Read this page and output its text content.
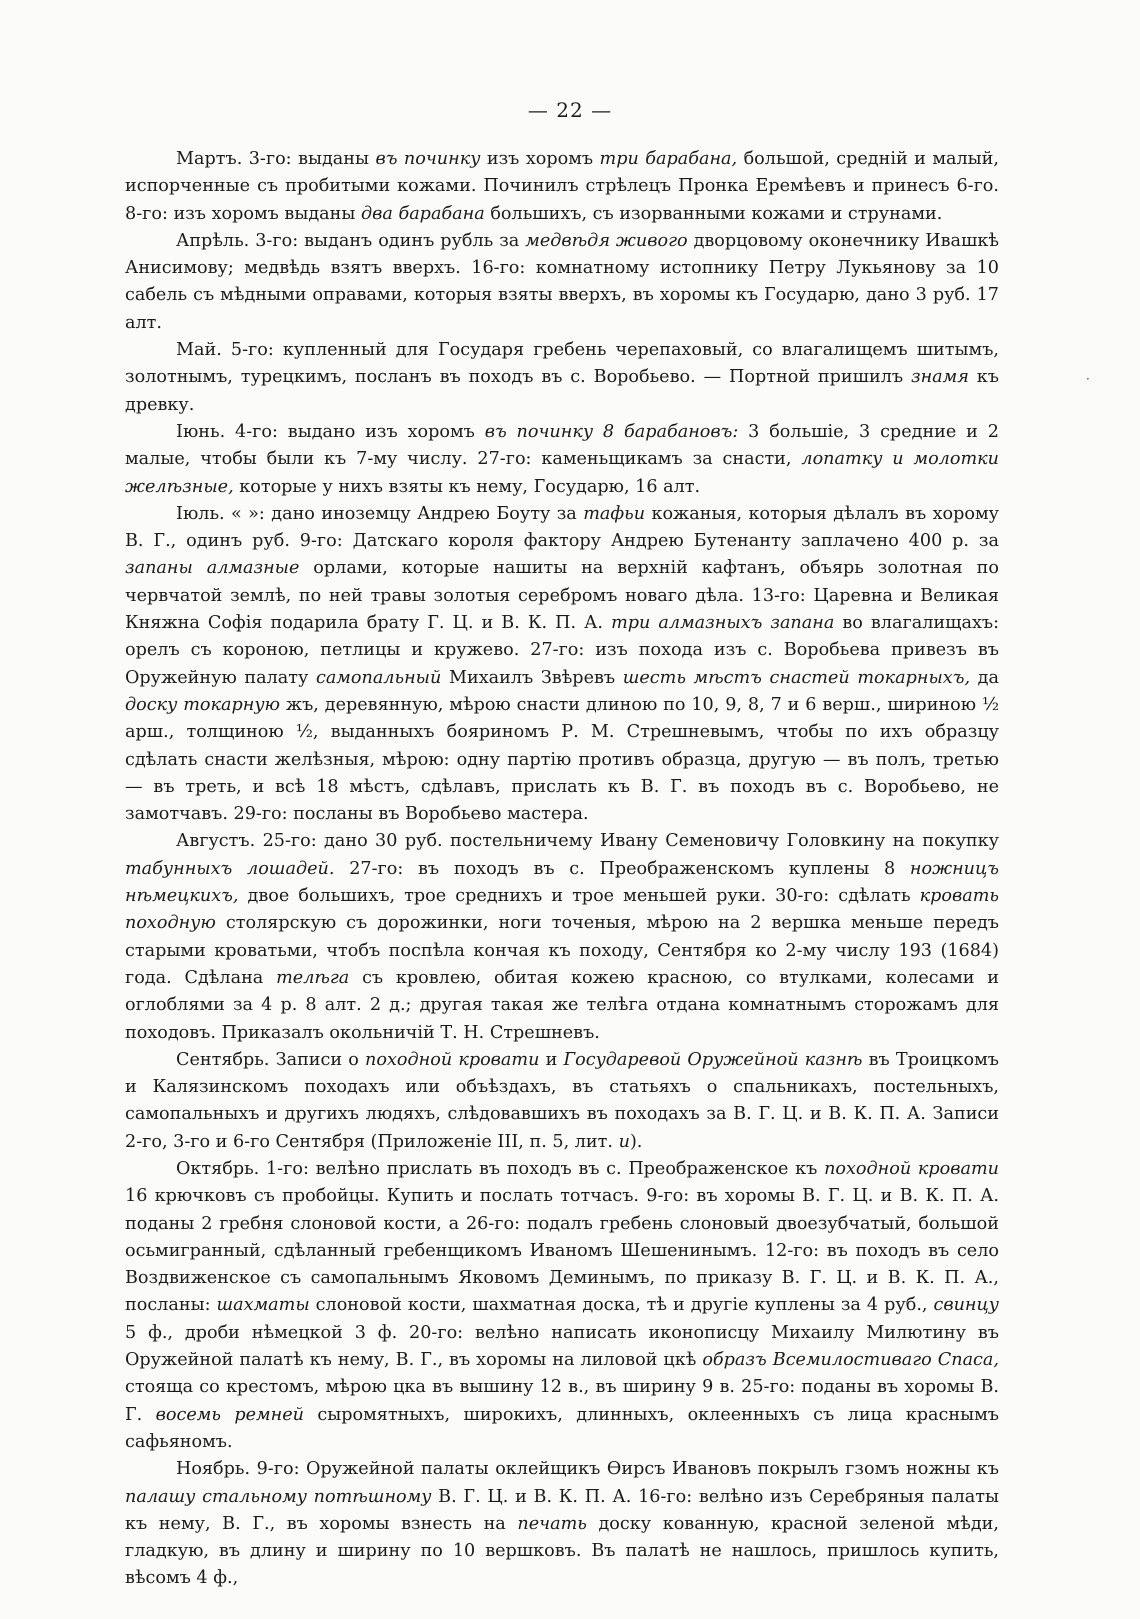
— 22 —
·

Мартъ. 3-го: выданы въ починку изъ хоромъ три барабана, большой, среднiй и малый, испорченные съ пробитыми кожами. Починилъ стрѣлецъ Пронка Еремѣевъ и принесъ 6-го. 8-го: изъ хоромъ выданы два барабана большихъ, съ изорванными кожами и струнами.

Апрѣль. 3-го: выданъ одинъ рубль за медвѣдя живого дворцовому оконечнику Ивашкѣ Анисимову; медвѣдь взятъ вверхъ. 16-го: комнатному истопнику Петру Лукьянову за 10 сабель съ мѣдными оправами, которыя взяты вверхъ, въ хоромы къ Государю, дано 3 руб. 17 алт.

Май. 5-го: купленный для Государя гребень черепаховый, со влагалищемъ шитымъ, золотнымъ, турецкимъ, посланъ въ походъ въ с. Воробьево. — Портной пришилъ знамя къ древку.

Iюнь. 4-го: выдано изъ хоромъ въ починку 8 барабановъ: 3 большiе, 3 средние и 2 малые, чтобы были къ 7-му числу. 27-го: каменьщикамъ за снасти, лопатку и молотки желѣзные, которые у нихъ взяты къ нему, Государю, 16 алт.

Iюль. « »: дано иноземцу Андрею Боуту за тафьи кожаныя, которыя дѣлалъ въ хорому В. Г., одинъ руб. 9-го: Датскаго короля фактору Андрею Бутенанту заплачено 400 р. за запаны алмазные орлами, которые нашиты на верхнiй кафтанъ, объярь золотная по червчатой землѣ, по ней травы золотыя серебромъ новаго дѣла. 13-го: Царевна и Великая Княжна Софiя подарила брату Г. Ц. и В. К. П. А. три алмазныхъ запана во влагалищахъ: орелъ съ короною, петлицы и кружево. 27-го: изъ похода изъ с. Воробьева привезъ въ Оружейную палату самопальный Михаилъ Звѣревъ шесть мѣстъ снастей токарныхъ, да доску токарную жъ, деревянную, мѣрою снасти длиною по 10, 9, 8, 7 и 6 верш., шириною ½ арш., толщиною ½, выданныхъ бояриномъ Р. М. Стрешневымъ, чтобы по ихъ образцу сдѣлать снасти желѣзныя, мѣрою: одну партiю противъ образца, другую — въ полъ, третью — въ треть, и всѣ 18 мѣстъ, сдѣлавъ, прислать къ В. Г. въ походъ въ с. Воробьево, не замотчавъ. 29-го: посланы въ Воробьево мастера.

Августъ. 25-го: дано 30 руб. постельничему Ивану Семеновичу Головкину на покупку табунныхъ лошадей. 27-го: въ походъ въ с. Преображенскомъ куплены 8 ножницъ нѣмецкихъ, двое большихъ, трое среднихъ и трое меньшей руки. 30-го: сдѣлать кровать походную столярскую съ дорожинки, ноги точеныя, мѣрою на 2 вершка меньше передъ старыми кроватьми, чтобъ поспѣла кончая къ походу, Сентября ко 2-му числу 193 (1684) года. Сдѣлана телѣга съ кровлею, обитая кожею красною, со втулками, колесами и оглоблями за 4 р. 8 алт. 2 д.; другая такая же телѣга отдана комнатнымъ сторожамъ для походовъ. Приказалъ окольничiй Т. Н. Стрешневъ.

Сентябрь. Записи о походной кровати и Государевой Оружейной казнѣ въ Троицкомъ и Калязинскомъ походахъ или объѣздахъ, въ статьяхъ о спальникахъ, постельныхъ, самопальныхъ и другихъ людяхъ, слѣдовавшихъ въ походахъ за В. Г. Ц. и В. К. П. А. Записи 2-го, 3-го и 6-го Сентября (Приложенiе III, п. 5, лит. и).

Октябрь. 1-го: велѣно прислать въ походъ въ с. Преображенское къ походной кровати 16 крючковъ съ пробойцы. Купить и послать тотчасъ. 9-го: въ хоромы В. Г. Ц. и В. К. П. А. поданы 2 гребня слоновой кости, а 26-го: подалъ гребень слоновый двоезубчатый, большой осьмигранный, сдѣланный гребенщикомъ Иваномъ Шешенинымъ. 12-го: въ походъ въ село Воздвиженское съ самопальнымъ Яковомъ Деминымъ, по приказу В. Г. Ц. и В. К. П. А., посланы: шахматы слоновой кости, шахматная доска, тѣ и другiе куплены за 4 руб., свинцу 5 ф., дроби нѣмецкой 3 ф. 20-го: велѣно написать иконописцу Михаилу Милютину въ Оружейной палатѣ къ нему, В. Г., въ хоромы на лиловой цкѣ образъ Всемилостиваго Спаса, стояща со крестомъ, мѣрою цка въ вышину 12 в., въ ширину 9 в. 25-го: поданы въ хоромы В. Г. восемь ремней сыромятныхъ, широкихъ, длинныхъ, оклеенныхъ съ лица краснымъ сафьяномъ.

Ноябрь. 9-го: Оружейной палаты оклейщикъ Ѳирсъ Ивановъ покрылъ гзомъ ножны къ палашу стальному потѣшному В. Г. Ц. и В. К. П. А. 16-го: велѣно изъ Серебряныя палаты къ нему, В. Г., въ хоромы взнесть на печать доску кованную, красной зеленой мѣди, гладкую, въ длину и ширину по 10 вершковъ. Въ палатѣ не нашлось, пришлось купить, вѣсомъ 4 ф.,
